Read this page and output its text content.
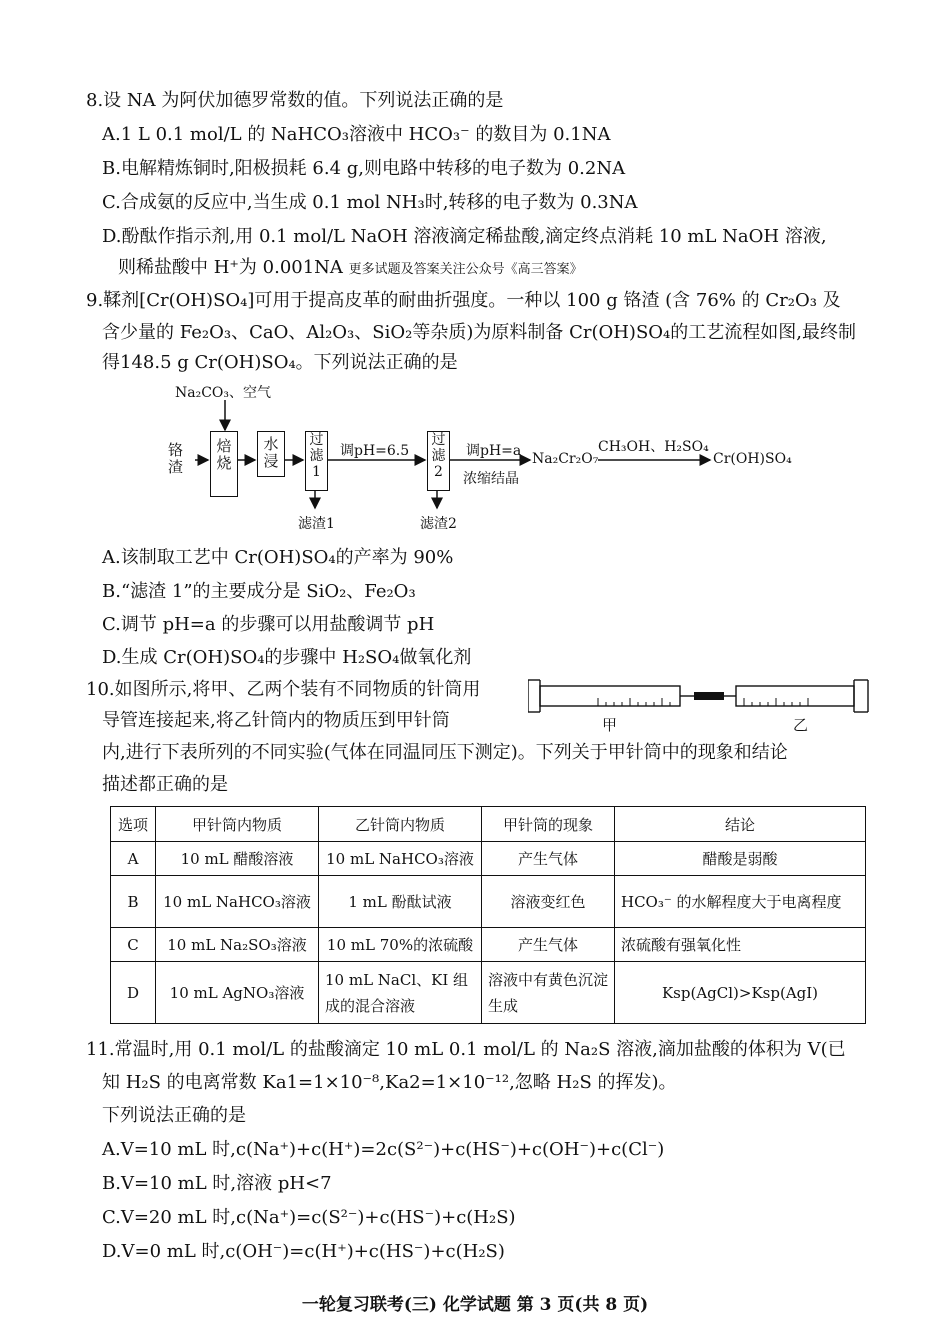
8.设 NA 为阿伏加德罗常数的值。下列说法正确的是
A.1 L 0.1 mol/L 的 NaHCO₃溶液中 HCO₃⁻ 的数目为 0.1NA
B.电解精炼铜时,阳极损耗 6.4 g,则电路中转移的电子数为 0.2NA
C.合成氨的反应中,当生成 0.1 mol NH₃时,转移的电子数为 0.3NA
D.酚酞作指示剂,用 0.1 mol/L NaOH 溶液滴定稀盐酸,滴定终点消耗 10 mL NaOH 溶液,
则稀盐酸中 H⁺为 0.001NA 更多试题及答案关注公众号《高三答案》
9.鞣剂[Cr(OH)SO₄]可用于提高皮革的耐曲折强度。一种以 100 g 铬渣 (含 76% 的 Cr₂O₃ 及
含少量的 Fe₂O₃、CaO、Al₂O₃、SiO₂等杂质)为原料制备 Cr(OH)SO₄的工艺流程如图,最终制
得148.5 g Cr(OH)SO₄。下列说法正确的是
Na₂CO₃、空气
铬渣
焙烧
水浸
过滤1
调pH=6.5
过滤2
调pH=a
浓缩结晶
Na₂Cr₂O₇
CH₃OH、H₂SO₄
Cr(OH)SO₄
滤渣1	滤渣2
A.该制取工艺中 Cr(OH)SO₄的产率为 90%
B.“滤渣 1”的主要成分是 SiO₂、Fe₂O₃
C.调节 pH=a 的步骤可以用盐酸调节 pH
D.生成 Cr(OH)SO₄的步骤中 H₂SO₄做氧化剂
10.如图所示,将甲、乙两个装有不同物质的针筒用
导管连接起来,将乙针筒内的物质压到甲针筒
内,进行下表所列的不同实验(气体在同温同压下测定)。下列关于甲针筒中的现象和结论
描述都正确的是
甲	乙
选项	甲针筒内物质	乙针筒内物质	甲针筒的现象	结论
A	10 mL 醋酸溶液	10 mL NaHCO₃溶液	产生气体	醋酸是弱酸
B	10 mL NaHCO₃溶液	1 mL 酚酞试液	溶液变红色	HCO₃⁻ 的水解程度大于电离程度
C	10 mL Na₂SO₃溶液	10 mL 70%的浓硫酸	产生气体	浓硫酸有强氧化性
D	10 mL AgNO₃溶液	10 mL NaCl、KI 组成的混合溶液	溶液中有黄色沉淀生成	Ksp(AgCl)>Ksp(AgI)
11.常温时,用 0.1 mol/L 的盐酸滴定 10 mL 0.1 mol/L 的 Na₂S 溶液,滴加盐酸的体积为 V(已
知 H₂S 的电离常数 Ka1=1×10⁻⁸,Ka2=1×10⁻¹²,忽略 H₂S 的挥发)。
下列说法正确的是
A.V=10 mL 时,c(Na⁺)+c(H⁺)=2c(S²⁻)+c(HS⁻)+c(OH⁻)+c(Cl⁻)
B.V=10 mL 时,溶液 pH<7
C.V=20 mL 时,c(Na⁺)=c(S²⁻)+c(HS⁻)+c(H₂S)
D.V=0 mL 时,c(OH⁻)=c(H⁺)+c(HS⁻)+c(H₂S)
一轮复习联考(三) 化学试题 第 3 页(共 8 页)
